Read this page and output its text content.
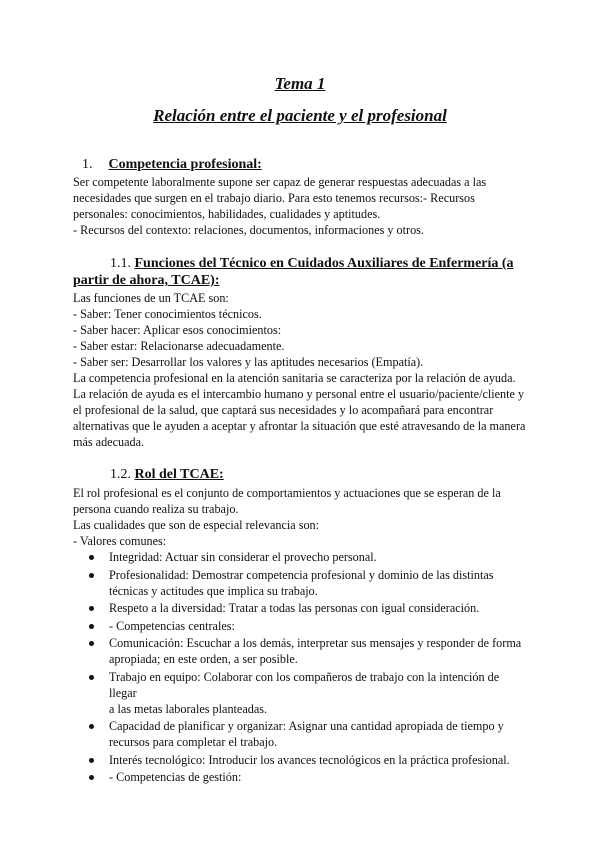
Tema 1
Relación entre el paciente y el profesional
1. Competencia profesional:
Ser competente laboralmente supone ser capaz de generar respuestas adecuadas a las
necesidades que surgen en el trabajo diario. Para esto tenemos recursos:- Recursos
personales: conocimientos, habilidades, cualidades y aptitudes.
- Recursos del contexto: relaciones, documentos, informaciones y otros.
1.1. Funciones del Técnico en Cuidados Auxiliares de Enfermería (a
partir de ahora, TCAE):
Las funciones de un TCAE son:
- Saber: Tener conocimientos técnicos.
- Saber hacer: Aplicar esos conocimientos:
- Saber estar: Relacionarse adecuadamente.
- Saber ser: Desarrollar los valores y las aptitudes necesarios (Empatía).
La competencia profesional en la atención sanitaria se caracteriza por la relación de ayuda.
La relación de ayuda es el intercambio humano y personal entre el usuario/paciente/cliente y
el profesional de la salud, que captará sus necesidades y lo acompañará para encontrar
alternativas que le ayuden a aceptar y afrontar la situación que esté atravesando de la manera
más adecuada.
1.2. Rol del TCAE:
El rol profesional es el conjunto de comportamientos y actuaciones que se esperan de la
persona cuando realiza su trabajo.
Las cualidades que son de especial relevancia son:
- Valores comunes:
Integridad: Actuar sin considerar el provecho personal.
Profesionalidad: Demostrar competencia profesional y dominio de las distintas
técnicas y actitudes que implica su trabajo.
Respeto a la diversidad: Tratar a todas las personas con igual consideración.
- Competencias centrales:
Comunicación: Escuchar a los demás, interpretar sus mensajes y responder de forma
apropiada; en este orden, a ser posible.
Trabajo en equipo: Colaborar con los compañeros de trabajo con la intención de llegar
a las metas laborales planteadas.
Capacidad de planificar y organizar: Asignar una cantidad apropiada de tiempo y
recursos para completar el trabajo.
Interés tecnológico: Introducir los avances tecnológicos en la práctica profesional.
- Competencias de gestión:
